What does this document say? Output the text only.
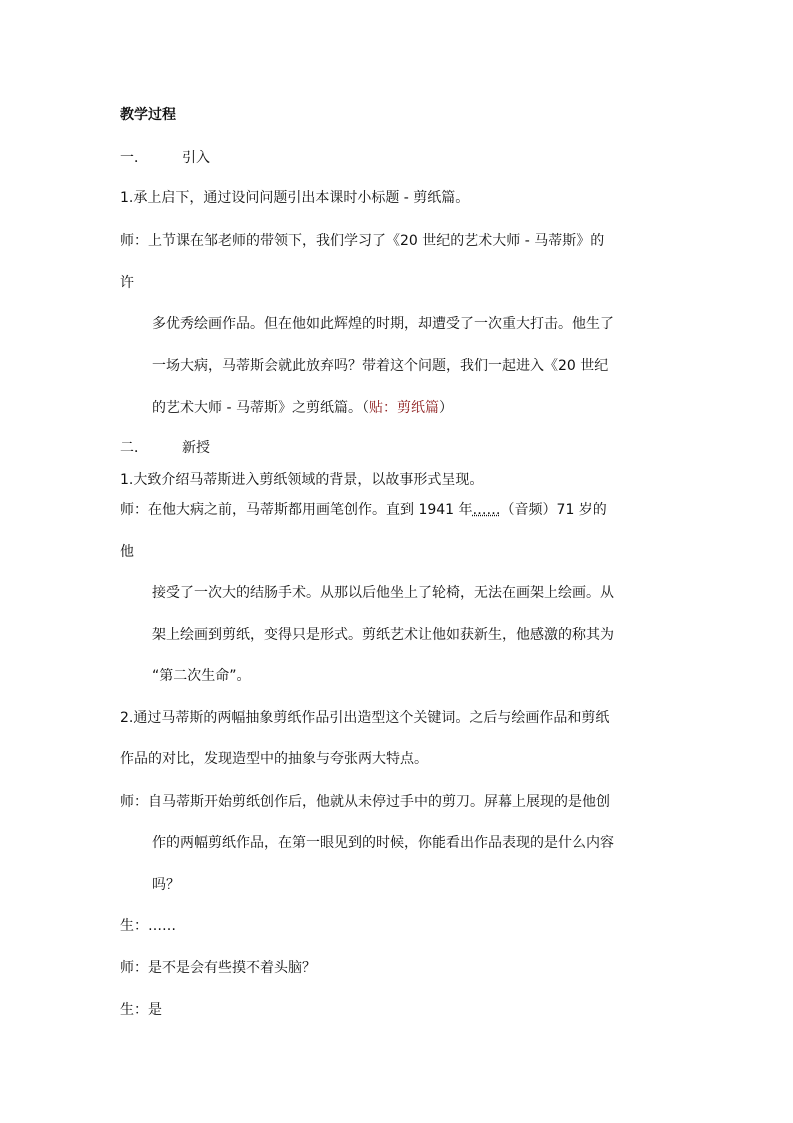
教学过程
一． 引入
1.承上启下，通过设问问题引出本课时小标题 - 剪纸篇。
师：上节课在邹老师的带领下，我们学习了《20 世纪的艺术大师 - 马蒂斯》的
许
多优秀绘画作品。但在他如此辉煌的时期，却遭受了一次重大打击。他生了
一场大病，马蒂斯会就此放弃吗？带着这个问题，我们一起进入《20 世纪
的艺术大师 - 马蒂斯》之剪纸篇。（贴：剪纸篇）
二． 新授
1.大致介绍马蒂斯进入剪纸领域的背景，以故事形式呈现。
师：在他大病之前，马蒂斯都用画笔创作。直到 1941 年……（音频）71 岁的
他
接受了一次大的结肠手术。从那以后他坐上了轮椅，无法在画架上绘画。从
架上绘画到剪纸，变得只是形式。剪纸艺术让他如获新生，他感激的称其为
“第二次生命”。
2.通过马蒂斯的两幅抽象剪纸作品引出造型这个关键词。之后与绘画作品和剪纸
作品的对比，发现造型中的抽象与夸张两大特点。
师：自马蒂斯开始剪纸创作后，他就从未停过手中的剪刀。屏幕上展现的是他创
作的两幅剪纸作品，在第一眼见到的时候，你能看出作品表现的是什么内容
吗？
生：……
师：是不是会有些摸不着头脑？
生：是
